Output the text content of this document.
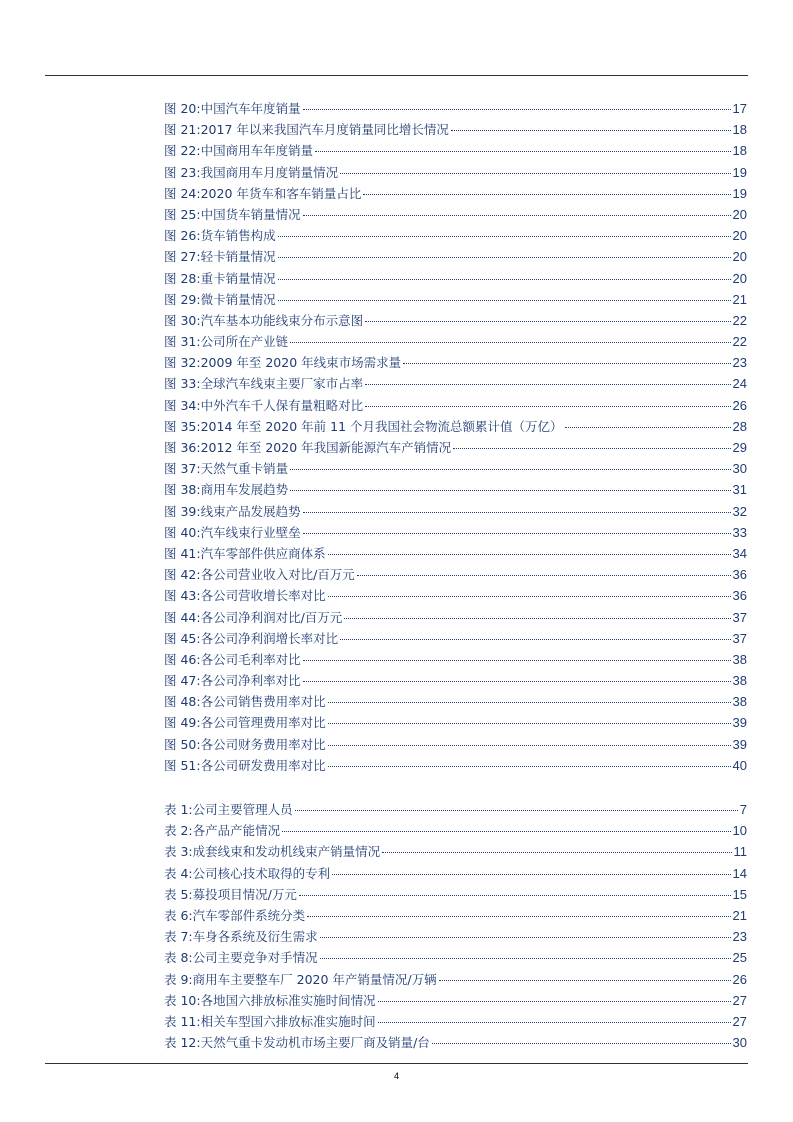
图 20: 中国汽车年度销量	17
图 21: 2017 年以来我国汽车月度销量同比增长情况	18
图 22: 中国商用车年度销量	18
图 23: 我国商用车月度销量情况	19
图 24: 2020 年货车和客车销量占比	19
图 25: 中国货车销量情况	20
图 26: 货车销售构成	20
图 27: 轻卡销量情况	20
图 28: 重卡销量情况	20
图 29: 微卡销量情况	21
图 30: 汽车基本功能线束分布示意图	22
图 31: 公司所在产业链	22
图 32: 2009 年至 2020 年线束市场需求量	23
图 33: 全球汽车线束主要厂家市占率	24
图 34: 中外汽车千人保有量粗略对比	26
图 35: 2014 年至 2020 年前 11 个月我国社会物流总额累计值（万亿）	28
图 36: 2012 年至 2020 年我国新能源汽车产销情况	29
图 37: 天然气重卡销量	30
图 38: 商用车发展趋势	31
图 39: 线束产品发展趋势	32
图 40: 汽车线束行业壁垒	33
图 41: 汽车零部件供应商体系	34
图 42: 各公司营业收入对比/百万元	36
图 43: 各公司营收增长率对比	36
图 44: 各公司净利润对比/百万元	37
图 45: 各公司净利润增长率对比	37
图 46: 各公司毛利率对比	38
图 47: 各公司净利率对比	38
图 48: 各公司销售费用率对比	38
图 49: 各公司管理费用率对比	39
图 50: 各公司财务费用率对比	39
图 51: 各公司研发费用率对比	40
表 1: 公司主要管理人员	7
表 2: 各产品产能情况	10
表 3: 成套线束和发动机线束产销量情况	11
表 4: 公司核心技术取得的专利	14
表 5: 募投项目情况/万元	15
表 6: 汽车零部件系统分类	21
表 7: 车身各系统及衍生需求	23
表 8: 公司主要竞争对手情况	25
表 9: 商用车主要整车厂 2020 年产销量情况/万辆	26
表 10: 各地国六排放标准实施时间情况	27
表 11: 相关车型国六排放标准实施时间	27
表 12: 天然气重卡发动机市场主要厂商及销量/台	30
4
